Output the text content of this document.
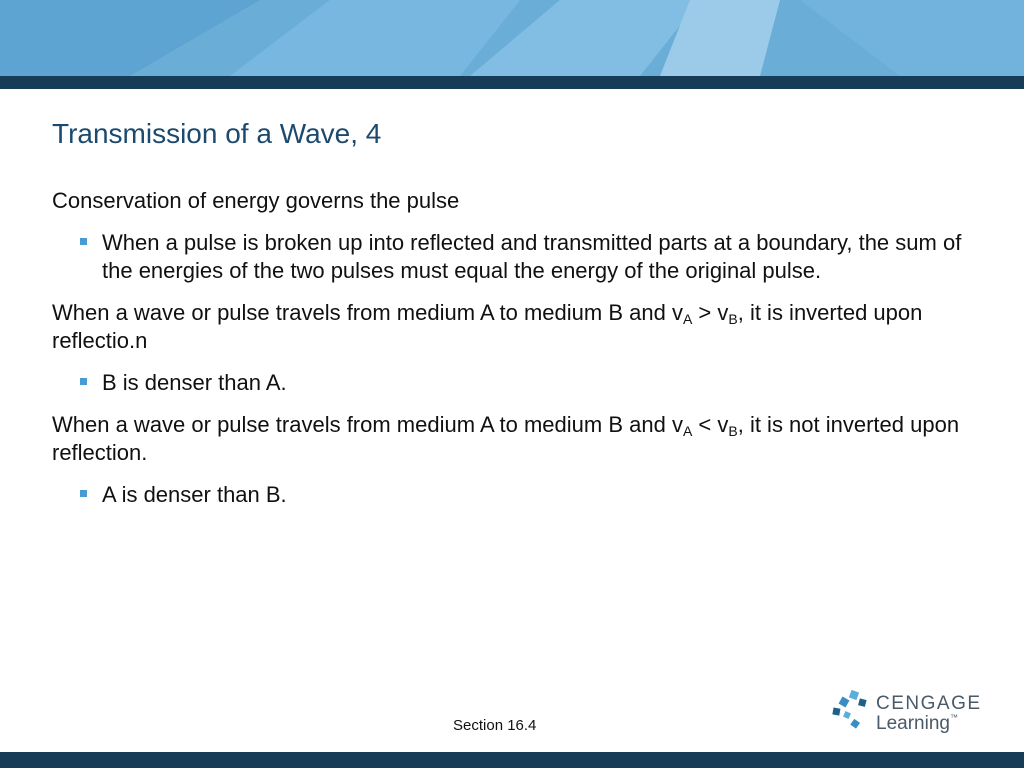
Transmission of a Wave, 4

Conservation of energy governs the pulse

When a pulse is broken up into reflected and transmitted parts at a boundary, the sum of the energies of the two pulses must equal the energy of the original pulse.

When a wave or pulse travels from medium A to medium B and $v_A > v_B$, it is inverted upon reflectio.n

B is denser than A.

When a wave or pulse travels from medium A to medium B and $v_A < v_B$, it is not inverted upon reflection.

A is denser than B.
Section 16.4
CENGAGE
Learning™
